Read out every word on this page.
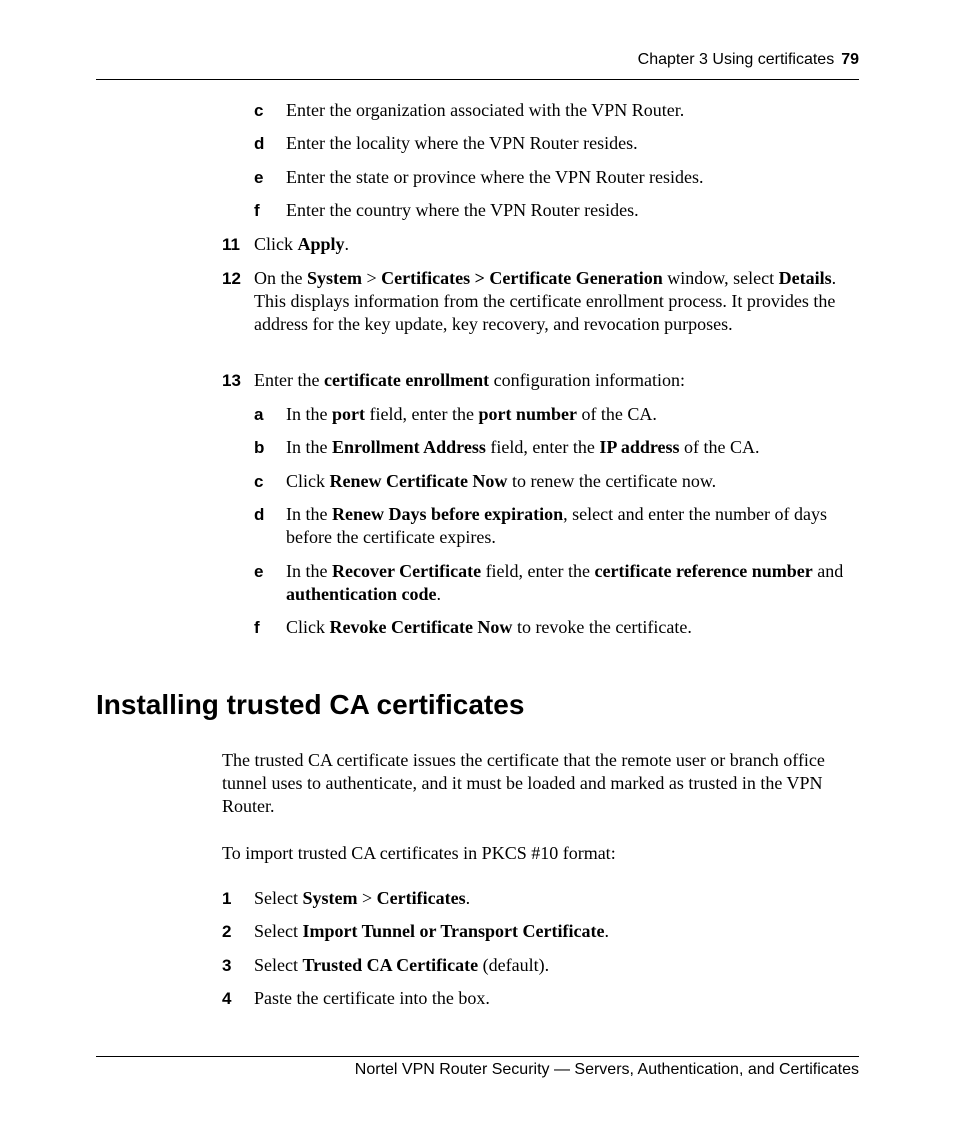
Chapter 3 Using certificates 79
c Enter the organization associated with the VPN Router.
d Enter the locality where the VPN Router resides.
e Enter the state or province where the VPN Router resides.
f Enter the country where the VPN Router resides.
11 Click Apply.
12 On the System > Certificates > Certificate Generation window, select Details. This displays information from the certificate enrollment process. It provides the address for the key update, key recovery, and revocation purposes.
13 Enter the certificate enrollment configuration information:
a In the port field, enter the port number of the CA.
b In the Enrollment Address field, enter the IP address of the CA.
c Click Renew Certificate Now to renew the certificate now.
d In the Renew Days before expiration, select and enter the number of days before the certificate expires.
e In the Recover Certificate field, enter the certificate reference number and authentication code.
f Click Revoke Certificate Now to revoke the certificate.
Installing trusted CA certificates
The trusted CA certificate issues the certificate that the remote user or branch office tunnel uses to authenticate, and it must be loaded and marked as trusted in the VPN Router.
To import trusted CA certificates in PKCS #10 format:
1 Select System > Certificates.
2 Select Import Tunnel or Transport Certificate.
3 Select Trusted CA Certificate (default).
4 Paste the certificate into the box.
Nortel VPN Router Security — Servers, Authentication, and Certificates
